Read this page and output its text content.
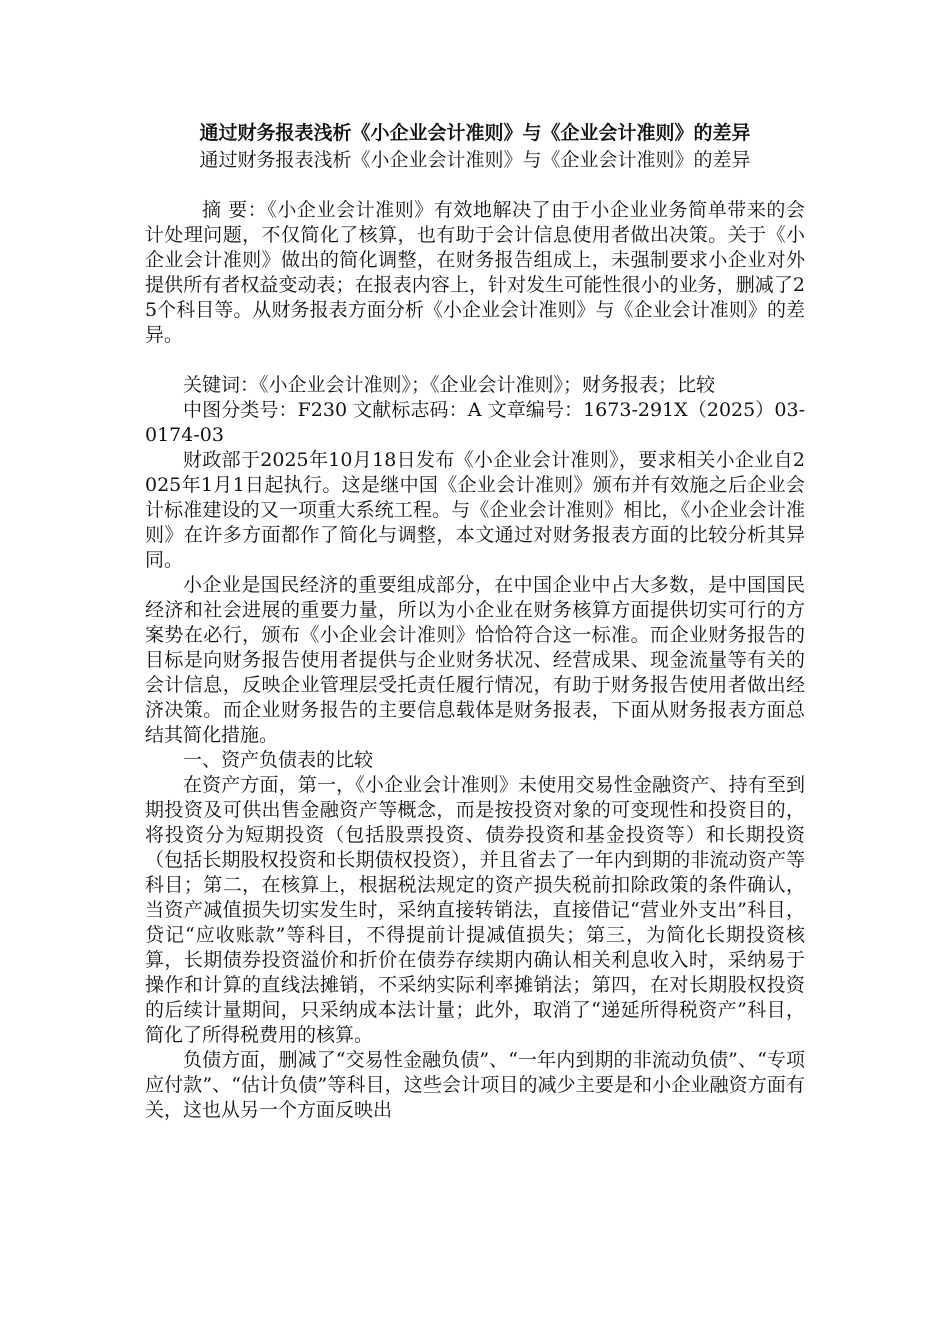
通过财务报表浅析《小企业会计准则》与《企业会计准则》的差异
通过财务报表浅析《小企业会计准则》与《企业会计准则》的差异

摘 要：《小企业会计准则》有效地解决了由于小企业业务简单带来的会计处理问题，不仅简化了核算，也有助于会计信息使用者做出决策。关于《小企业会计准则》做出的简化调整，在财务报告组成上，未强制要求小企业对外提供所有者权益变动表；在报表内容上，针对发生可能性很小的业务，删减了25个科目等。从财务报表方面分析《小企业会计准则》与《企业会计准则》的差异。

关键词：《小企业会计准则》；《企业会计准则》；财务报表；比较

中图分类号：F230 文献标志码：A 文章编号：1673-291X（2025）03-0174-03

财政部于2025年10月18日发布《小企业会计准则》，要求相关小企业自2025年1月1日起执行。这是继中国《企业会计准则》颁布并有效施之后企业会计标准建设的又一项重大系统工程。与《企业会计准则》相比，《小企业会计准则》在许多方面都作了简化与调整，本文通过对财务报表方面的比较分析其异同。

小企业是国民经济的重要组成部分，在中国企业中占大多数，是中国国民经济和社会进展的重要力量，所以为小企业在财务核算方面提供切实可行的方案势在必行，颁布《小企业会计准则》恰恰符合这一标准。而企业财务报告的目标是向财务报告使用者提供与企业财务状况、经营成果、现金流量等有关的会计信息，反映企业管理层受托责任履行情况，有助于财务报告使用者做出经济决策。而企业财务报告的主要信息载体是财务报表，下面从财务报表方面总结其简化措施。

一、资产负债表的比较

在资产方面，第一，《小企业会计准则》未使用交易性金融资产、持有至到期投资及可供出售金融资产等概念，而是按投资对象的可变现性和投资目的，将投资分为短期投资（包括股票投资、债券投资和基金投资等）和长期投资（包括长期股权投资和长期债权投资），并且省去了一年内到期的非流动资产等科目；第二，在核算上，根据税法规定的资产损失税前扣除政策的条件确认，当资产减值损失切实发生时，采纳直接转销法，直接借记“营业外支出”科目，贷记“应收账款”等科目，不得提前计提减值损失；第三，为简化长期投资核算，长期债券投资溢价和折价在债券存续期内确认相关利息收入时，采纳易于操作和计算的直线法摊销，不采纳实际利率摊销法；第四，在对长期股权投资的后续计量期间，只采纳成本法计量；此外，取消了“递延所得税资产”科目，简化了所得税费用的核算。

负债方面，删减了“交易性金融负债”、“一年内到期的非流动负债”、“专项应付款”、“估计负债”等科目，这些会计项目的减少主要是和小企业融资方面有关，这也从另一个方面反映出
